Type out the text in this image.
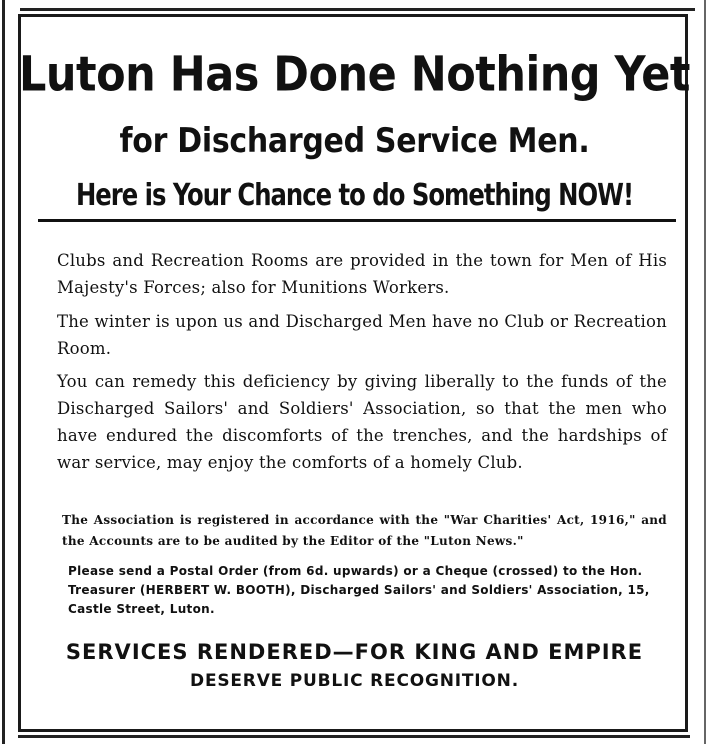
Luton Has Done Nothing Yet
for Discharged Service Men.
Here is Your Chance to do Something NOW!

Clubs and Recreation Rooms are provided in the town for Men of His Majesty's Forces; also for Munitions Workers.

The winter is upon us and Discharged Men have no Club or Recreation Room.

You can remedy this deficiency by giving liberally to the funds of the Discharged Sailors' and Soldiers' Association, so that the men who have endured the discomforts of the trenches, and the hardships of war service, may enjoy the comforts of a homely Club.

The Association is registered in accordance with the "War Charities' Act, 1916," and the Accounts are to be audited by the Editor of the "Luton News."

Please send a Postal Order (from 6d. upwards) or a Cheque (crossed) to the Hon. Treasurer (HERBERT W. BOOTH), Discharged Sailors' and Soldiers' Association, 15, Castle Street, Luton.

SERVICES RENDERED—FOR KING AND EMPIRE
DESERVE PUBLIC RECOGNITION.
